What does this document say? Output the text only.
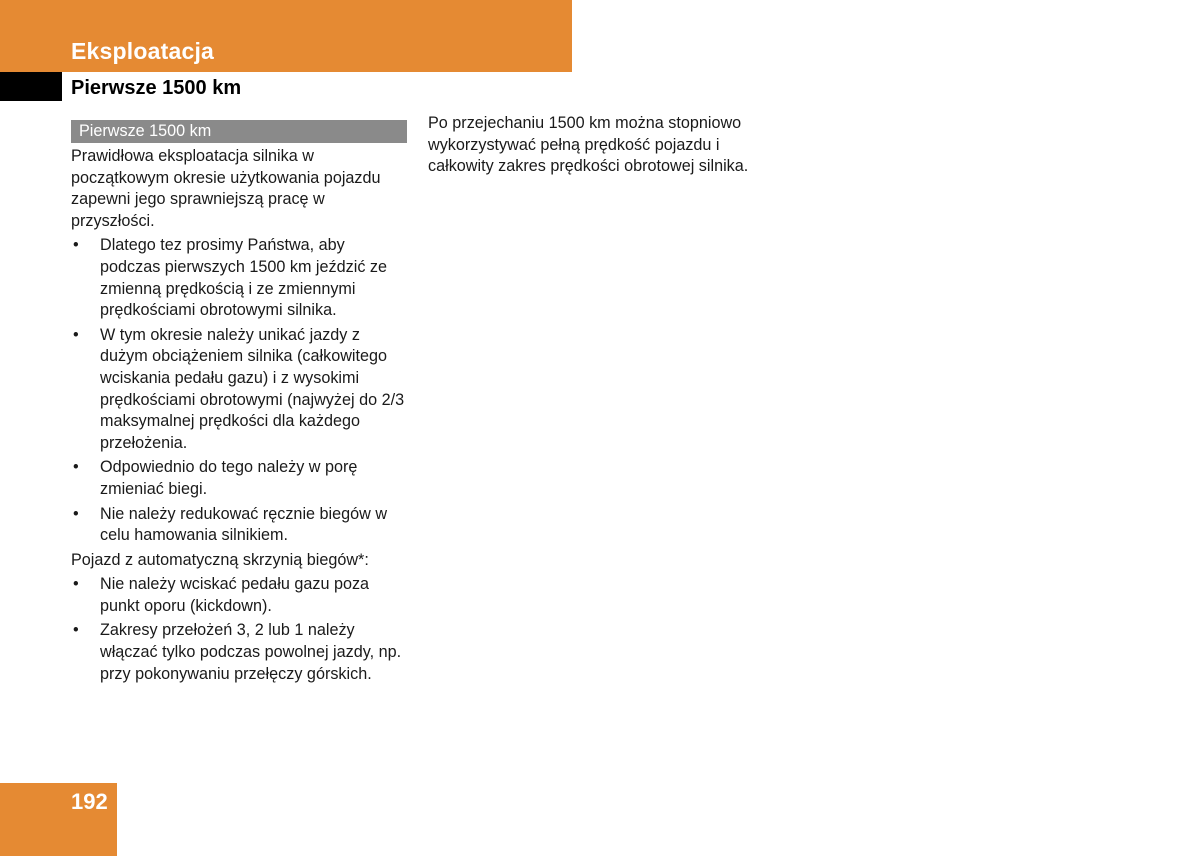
Eksploatacja
Pierwsze 1500 km
Pierwsze 1500 km

Prawidłowa eksploatacja silnika w początkowym okresie użytkowania pojazdu zapewni jego sprawniejszą pracę w przyszłości.

• Dlatego tez prosimy Państwa, aby podczas pierwszych 1500 km jeździć ze zmienną prędkością i ze zmiennymi prędkościami obrotowymi silnika.
• W tym okresie należy unikać jazdy z dużym obciążeniem silnika (całkowitego wciskania pedału gazu) i z wysokimi prędkościami obrotowymi (najwyżej do 2/3 maksymalnej prędkości dla każdego przełożenia.
• Odpowiednio do tego należy w porę zmieniać biegi.
• Nie należy redukować ręcznie biegów w celu hamowania silnikiem.

Pojazd z automatyczną skrzynią biegów*:

• Nie należy wciskać pedału gazu poza punkt oporu (kickdown).
• Zakresy przełożeń 3, 2 lub 1 należy włączać tylko podczas powolnej jazdy, np. przy pokonywaniu przełęczy górskich.

Po przejechaniu 1500 km można stopniowo wykorzystywać pełną prędkość pojazdu i całkowity zakres prędkości obrotowej silnika.

192
